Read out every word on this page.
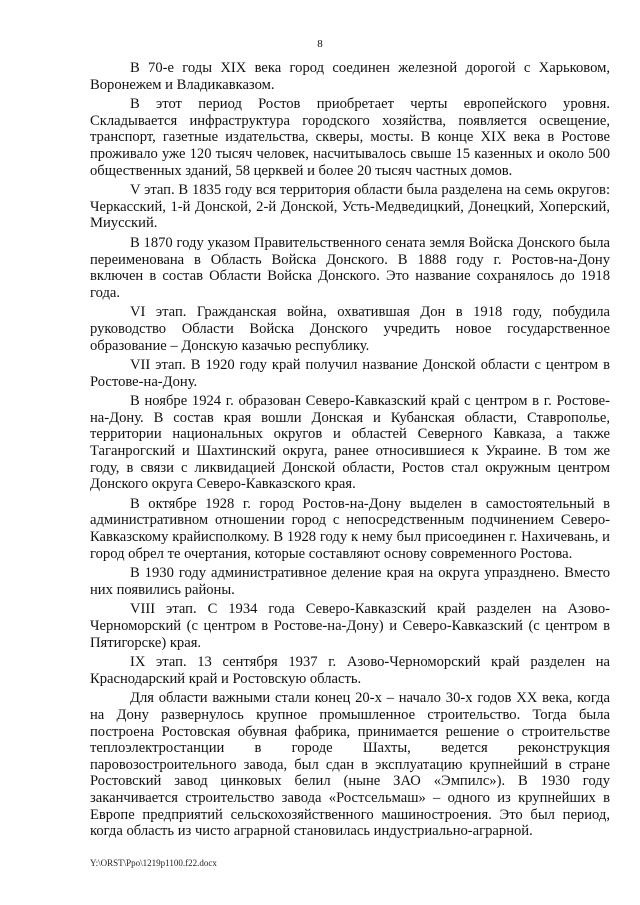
8

В 70-е годы XIX века город соединен железной дорогой с Харьковом, Воронежем и Владикавказом.

В этот период Ростов приобретает черты европейского уровня. Складывается инфраструктура городского хозяйства, появляется освещение, транспорт, газетные издательства, скверы, мосты. В конце XIX века в Ростове проживало уже 120 тысяч человек, насчитывалось свыше 15 казенных и около 500 общественных зданий, 58 церквей и более 20 тысяч частных домов.

V этап. В 1835 году вся территория области была разделена на семь округов: Черкасский, 1-й Донской, 2-й Донской, Усть-Медведицкий, Донецкий, Хоперский, Миусский.

В 1870 году указом Правительственного сената земля Войска Донского была переименована в Область Войска Донского. В 1888 году г. Ростов-на-Дону включен в состав Области Войска Донского. Это название сохранялось до 1918 года.

VI этап. Гражданская война, охватившая Дон в 1918 году, побудила руководство Области Войска Донского учредить новое государственное образование – Донскую казачью республику.

VII этап. В 1920 году край получил название Донской области с центром в Ростове-на-Дону.

В ноябре 1924 г. образован Северо-Кавказский край с центром в г. Ростове-на-Дону. В состав края вошли Донская и Кубанская области, Ставрополье, территории национальных округов и областей Северного Кавказа, а также Таганрогский и Шахтинский округа, ранее относившиеся к Украине. В том же году, в связи с ликвидацией Донской области, Ростов стал окружным центром Донского округа Северо-Кавказского края.

В октябре 1928 г. город Ростов-на-Дону выделен в самостоятельный в административном отношении город с непосредственным подчинением Северо-Кавказскому крайисполкому. В 1928 году к нему был присоединен г. Нахичевань, и город обрел те очертания, которые составляют основу современного Ростова.

В 1930 году административное деление края на округа упразднено. Вместо них появились районы.

VIII этап. С 1934 года Северо-Кавказский край разделен на Азово-Черноморский (с центром в Ростове-на-Дону) и Северо-Кавказский (с центром в Пятигорске) края.

IX этап. 13 сентября 1937 г. Азово-Черноморский край разделен на Краснодарский край и Ростовскую область.

Для области важными стали конец 20-х – начало 30-х годов XX века, когда на Дону развернулось крупное промышленное строительство. Тогда была построена Ростовская обувная фабрика, принимается решение о строительстве теплоэлектростанции в городе Шахты, ведется реконструкция паровозостроительного завода, был сдан в эксплуатацию крупнейший в стране Ростовский завод цинковых белил (ныне ЗАО «Эмпилс»). В 1930 году заканчивается строительство завода «Ростсельмаш» – одного из крупнейших в Европе предприятий сельскохозяйственного машиностроения. Это был период, когда область из чисто аграрной становилась индустриально-аграрной.

Y:\ORST\Ppo\1219p1100.f22.docx
